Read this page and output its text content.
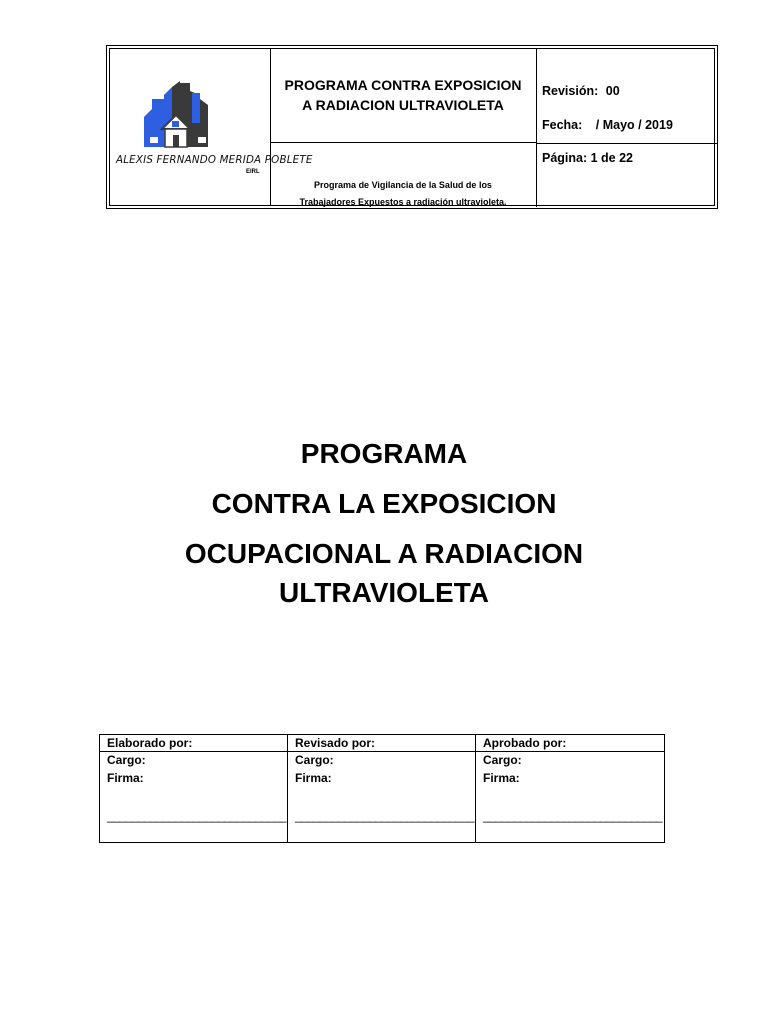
ALEXIS FERNANDO MERIDA POBLETE
EIRL
PROGRAMA CONTRA EXPOSICION
A RADIACION ULTRAVIOLETA
Programa de Vigilancia de la Salud de los
Trabajadores Expuestos a radiación ultravioleta.
Revisión: 00
Fecha: / Mayo / 2019
Página: 1 de 22
PROGRAMA
CONTRA LA EXPOSICION
OCUPACIONAL A RADIACION
ULTRAVIOLETA
Elaborado por:
Cargo:
Firma:
_____________________________
Revisado por:
Cargo:
Firma:
_____________________________
Aprobado por:
Cargo:
Firma:
_____________________________
